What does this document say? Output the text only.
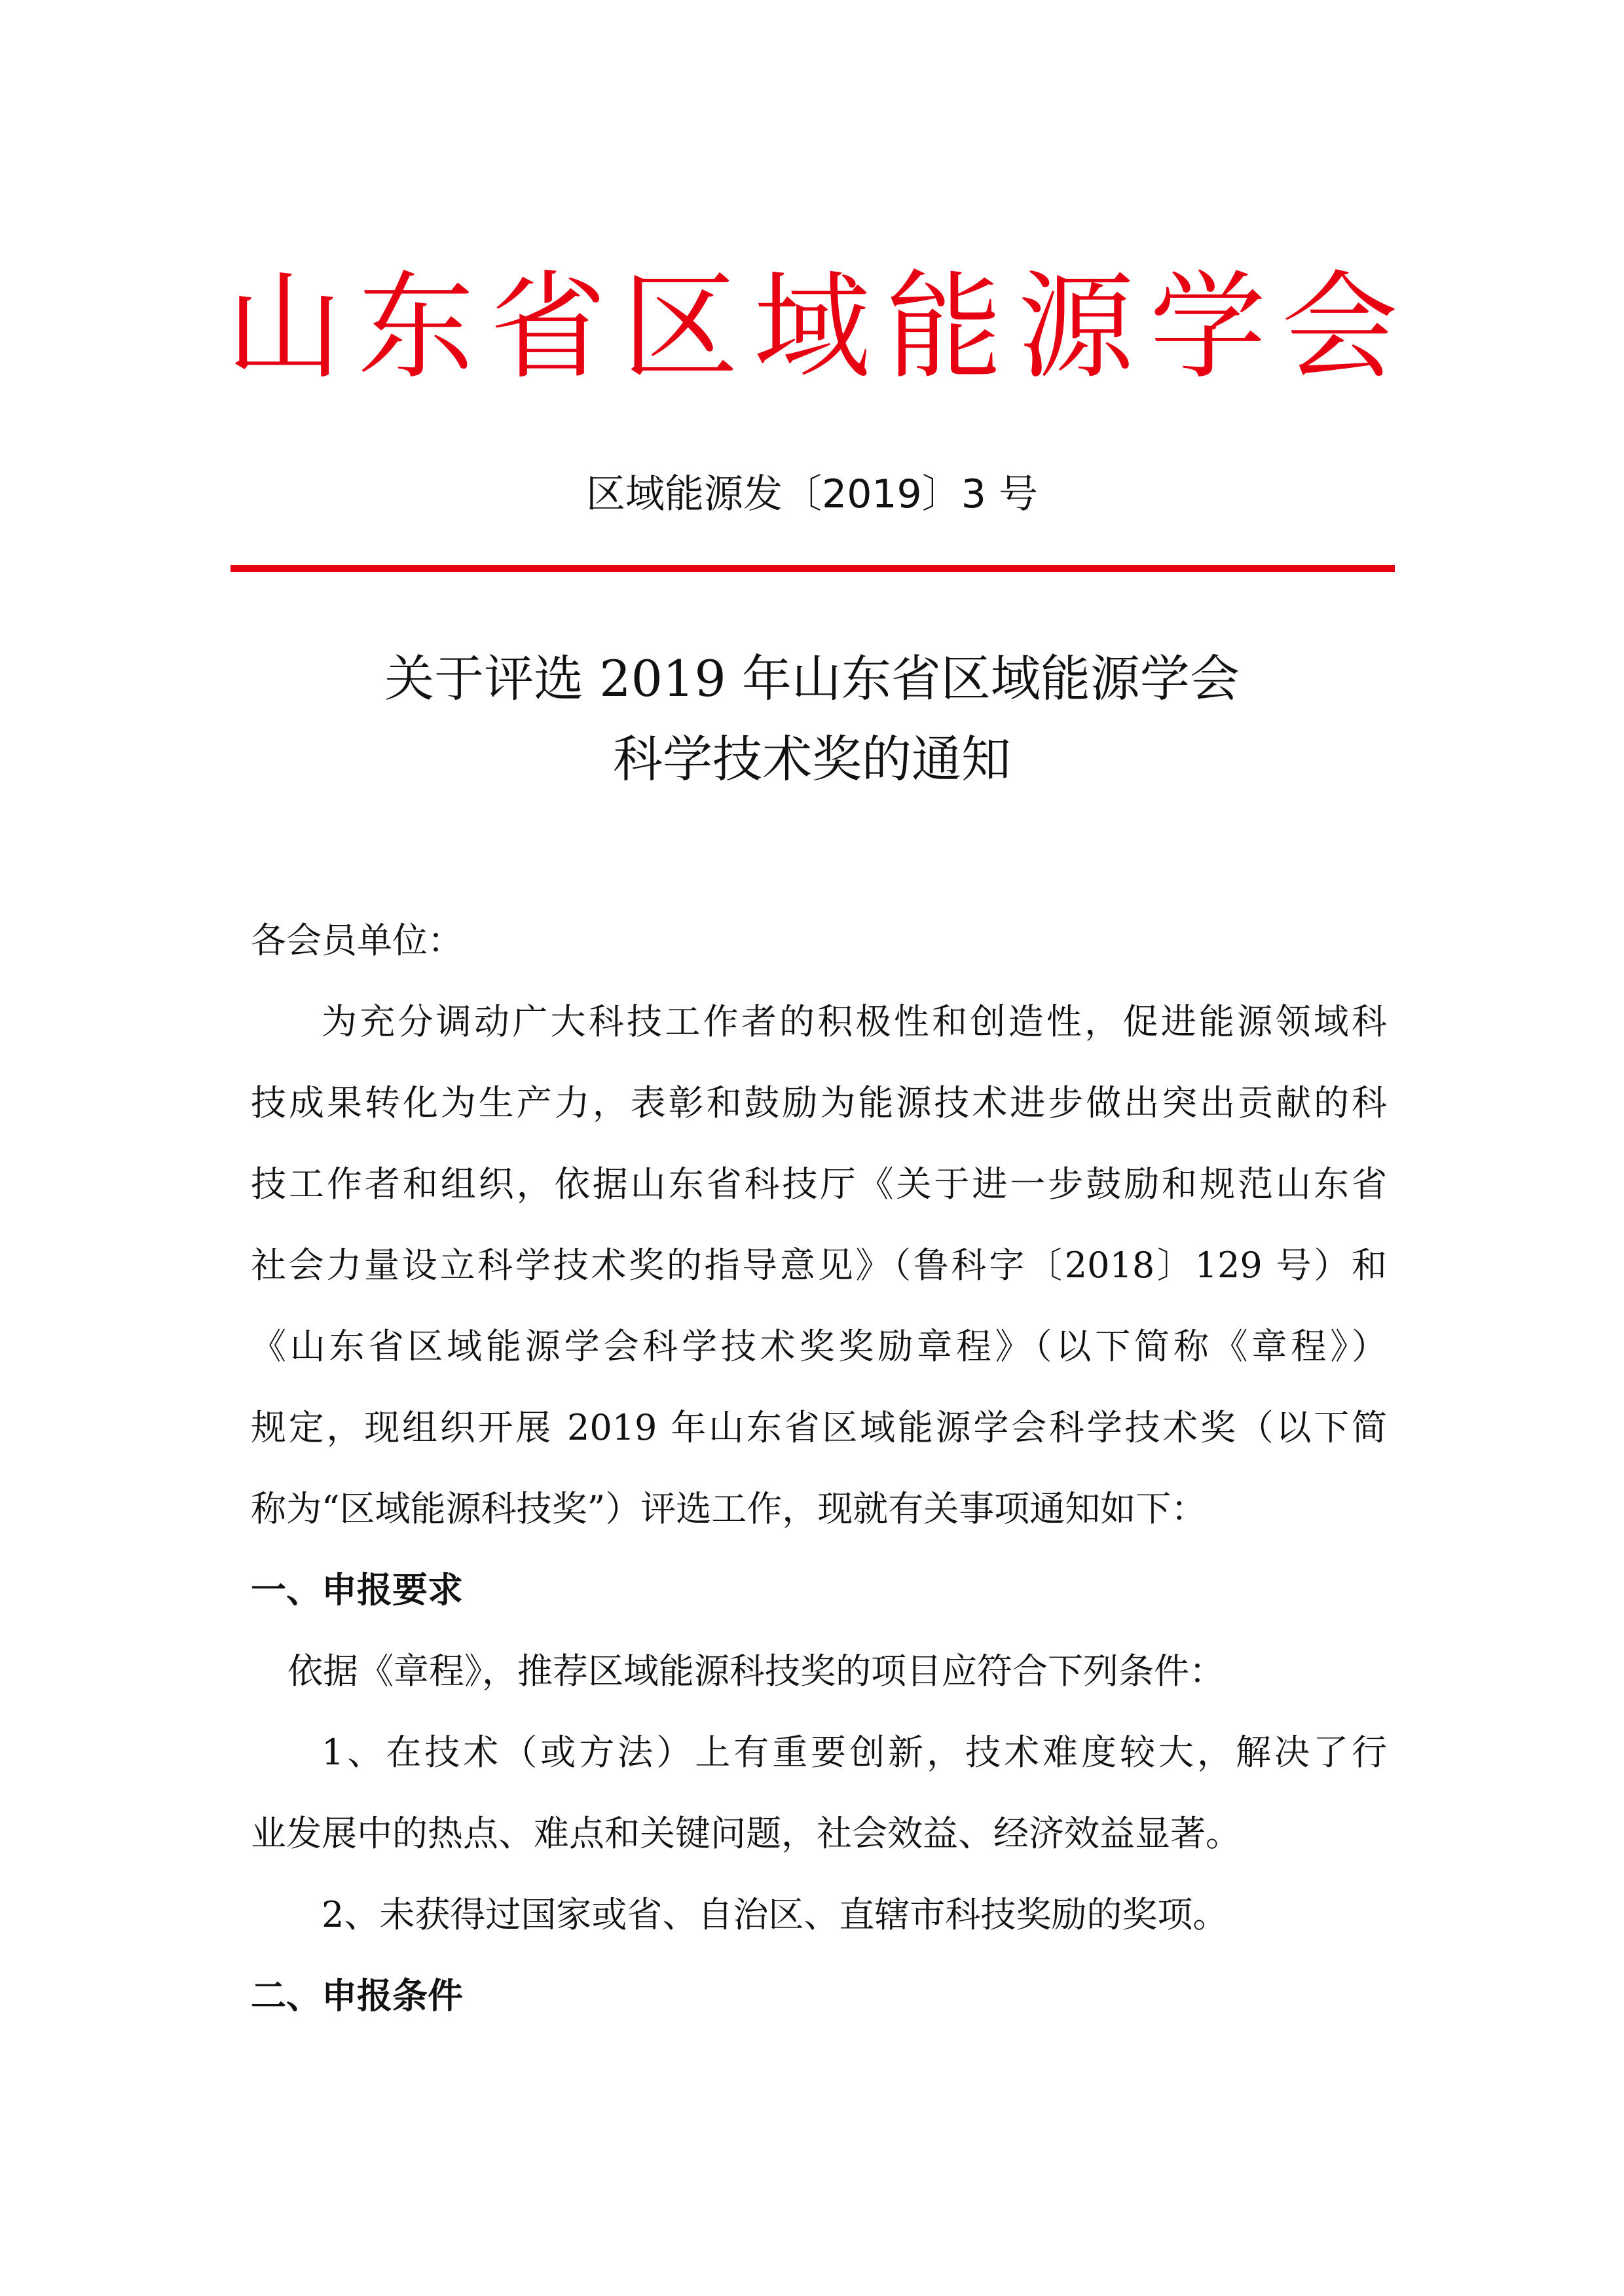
山东省区域能源学会
区域能源发〔2019〕3 号
关于评选 2019 年山东省区域能源学会
科学技术奖的通知
各会员单位：
为充分调动广大科技工作者的积极性和创造性，促进能源领域科
技成果转化为生产力，表彰和鼓励为能源技术进步做出突出贡献的科
技工作者和组织，依据山东省科技厅《关于进一步鼓励和规范山东省
社会力量设立科学技术奖的指导意见》（鲁科字〔2018〕129 号）和
《山东省区域能源学会科学技术奖奖励章程》（以下简称《章程》）
规定，现组织开展 2019 年山东省区域能源学会科学技术奖（以下简
称为“区域能源科技奖”）评选工作，现就有关事项通知如下：
一、申报要求
依据《章程》，推荐区域能源科技奖的项目应符合下列条件：
1、在技术（或方法）上有重要创新，技术难度较大，解决了行
业发展中的热点、难点和关键问题，社会效益、经济效益显著。
2、未获得过国家或省、自治区、直辖市科技奖励的奖项。
二、申报条件
